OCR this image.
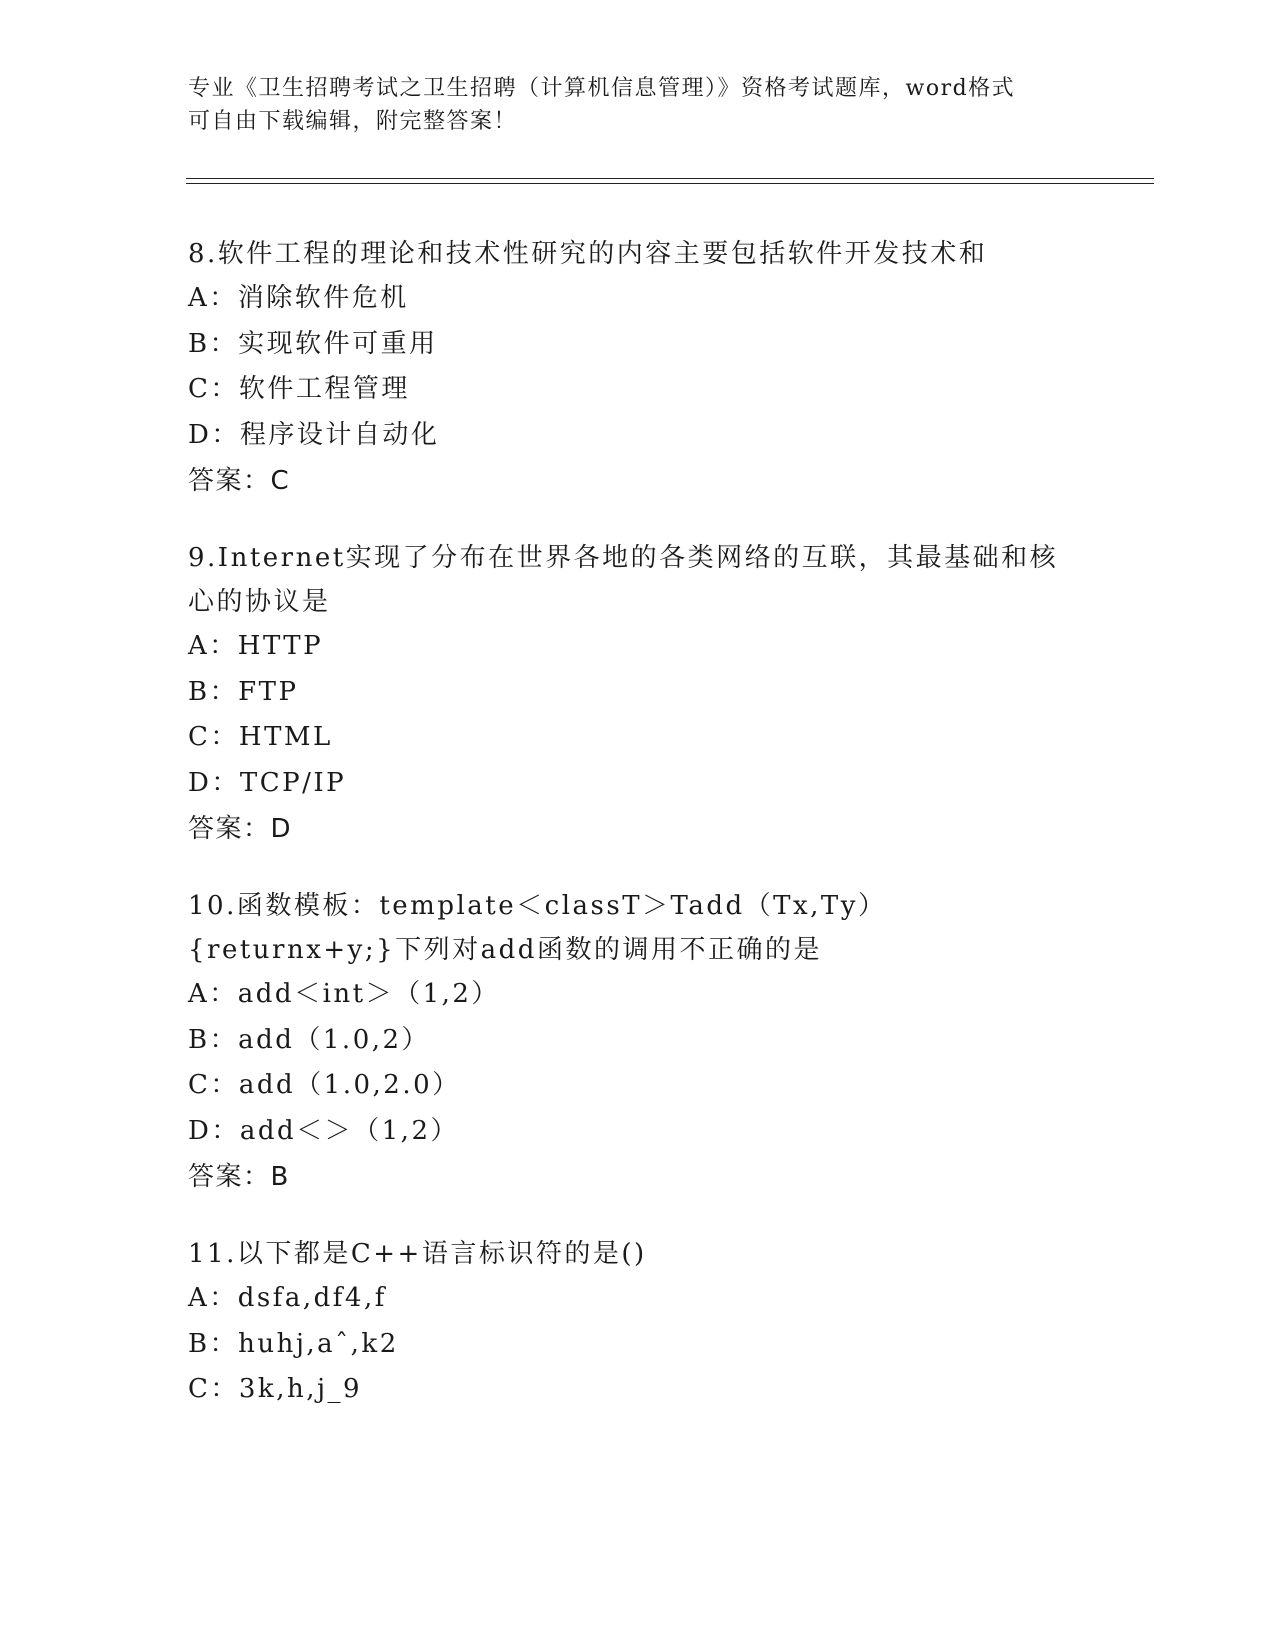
专业《卫生招聘考试之卫生招聘（计算机信息管理）》资格考试题库，word格式
可自由下载编辑，附完整答案！
8.软件工程的理论和技术性研究的内容主要包括软件开发技术和
A：消除软件危机
B：实现软件可重用
C：软件工程管理
D：程序设计自动化
答案：C
9.Internet实现了分布在世界各地的各类网络的互联，其最基础和核心的协议是
A：HTTP
B：FTP
C：HTML
D：TCP/IP
答案：D
10.函数模板：template＜classT＞Tadd（Tx,Ty）{returnx+y;}下列对add函数的调用不正确的是
A：add＜int＞（1,2）
B：add（1.0,2）
C：add（1.0,2.0）
D：add＜＞（1,2）
答案：B
11.以下都是C++语言标识符的是()
A：dsfa,df4,f
B：huhj,aˆ,k2
C：3k,h,j_9
